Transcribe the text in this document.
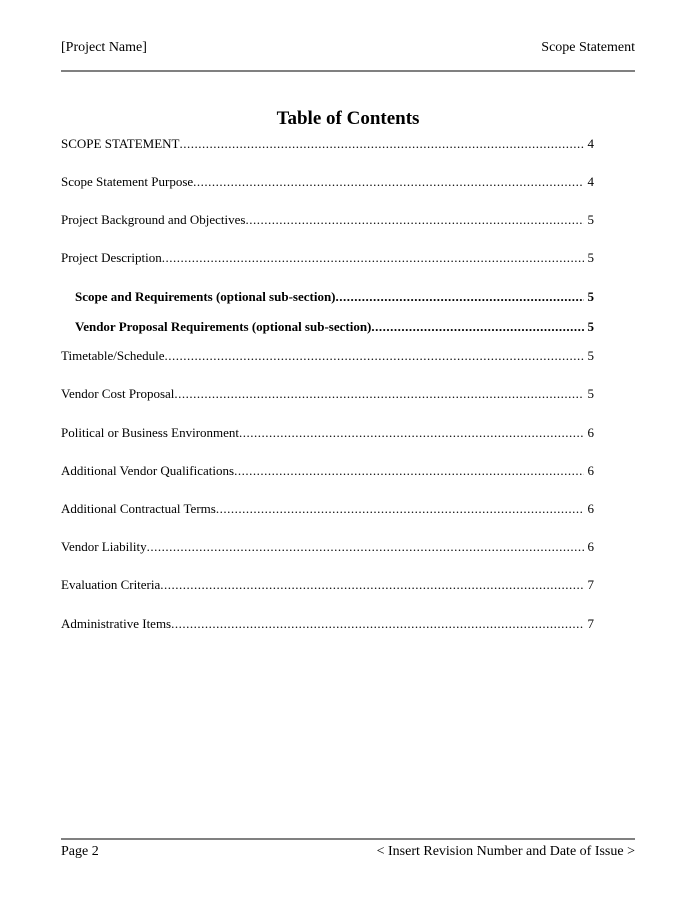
[Project Name]	Scope Statement
Table of Contents
SCOPE STATEMENT .....	4
Scope Statement Purpose .....	4
Project Background and Objectives .....	5
Project Description .....	5
Scope and Requirements (optional sub-section) .....	5
Vendor Proposal Requirements (optional sub-section) .....	5
Timetable/Schedule .....	5
Vendor Cost Proposal .....	5
Political or Business Environment .....	6
Additional Vendor Qualifications .....	6
Additional Contractual Terms .....	6
Vendor Liability .....	6
Evaluation Criteria .....	7
Administrative Items .....	7
Page 2	< Insert Revision Number and Date of Issue >
